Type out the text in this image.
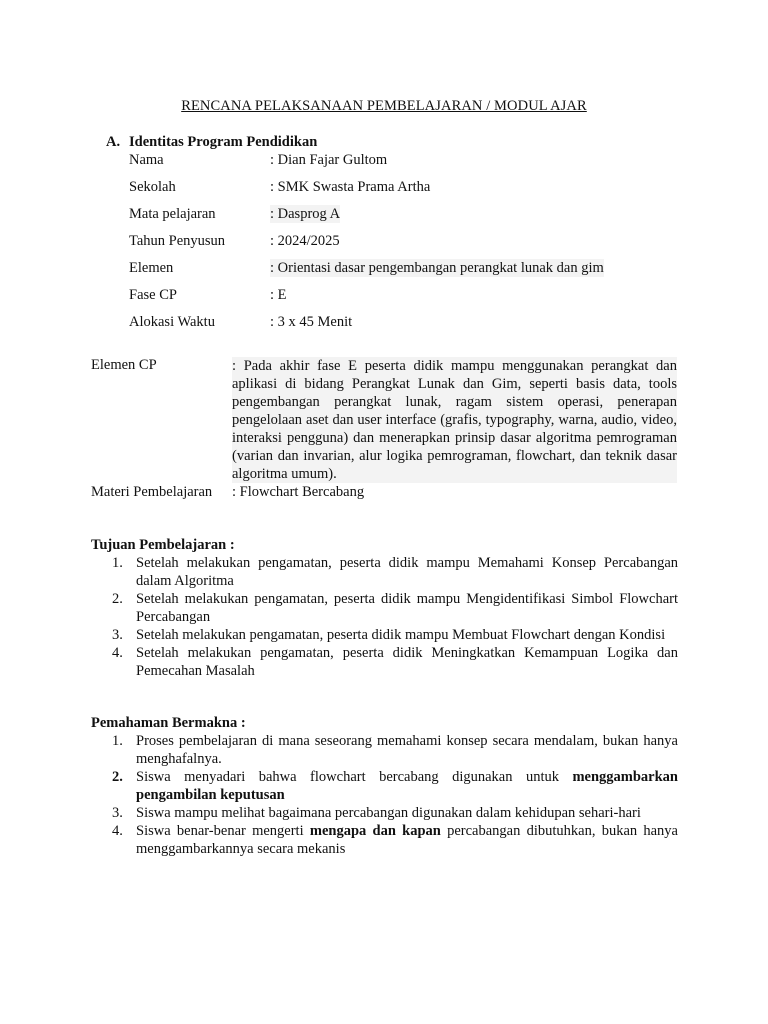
RENCANA PELAKSANAAN PEMBELAJARAN / MODUL AJAR
A. Identitas Program Pendidikan
Nama	: Dian Fajar Gultom
Sekolah	: SMK Swasta Prama Artha
Mata pelajaran	: Dasprog A
Tahun Penyusun	: 2024/2025
Elemen	: Orientasi dasar pengembangan perangkat lunak dan gim
Fase CP	: E
Alokasi Waktu	: 3 x 45 Menit
Elemen CP	: Pada akhir fase E peserta didik mampu menggunakan perangkat dan aplikasi di bidang Perangkat Lunak dan Gim, seperti basis data, tools pengembangan perangkat lunak, ragam sistem operasi, penerapan pengelolaan aset dan user interface (grafis, typography, warna, audio, video, interaksi pengguna) dan menerapkan prinsip dasar algoritma pemrograman (varian dan invarian, alur logika pemrograman, flowchart, dan teknik dasar algoritma umum).
Materi Pembelajaran : Flowchart Bercabang
Tujuan Pembelajaran :
1. Setelah melakukan pengamatan, peserta didik mampu Memahami Konsep Percabangan dalam Algoritma
2. Setelah melakukan pengamatan, peserta didik mampu Mengidentifikasi Simbol Flowchart Percabangan
3. Setelah melakukan pengamatan, peserta didik mampu Membuat Flowchart dengan Kondisi
4. Setelah melakukan pengamatan, peserta didik Meningkatkan Kemampuan Logika dan Pemecahan Masalah
Pemahaman Bermakna :
1. Proses pembelajaran di mana seseorang memahami konsep secara mendalam, bukan hanya menghafalnya.
2. Siswa menyadari bahwa flowchart bercabang digunakan untuk menggambarkan pengambilan keputusan
3. Siswa mampu melihat bagaimana percabangan digunakan dalam kehidupan sehari-hari
4. Siswa benar-benar mengerti mengapa dan kapan percabangan dibutuhkan, bukan hanya menggambarkannya secara mekanis
